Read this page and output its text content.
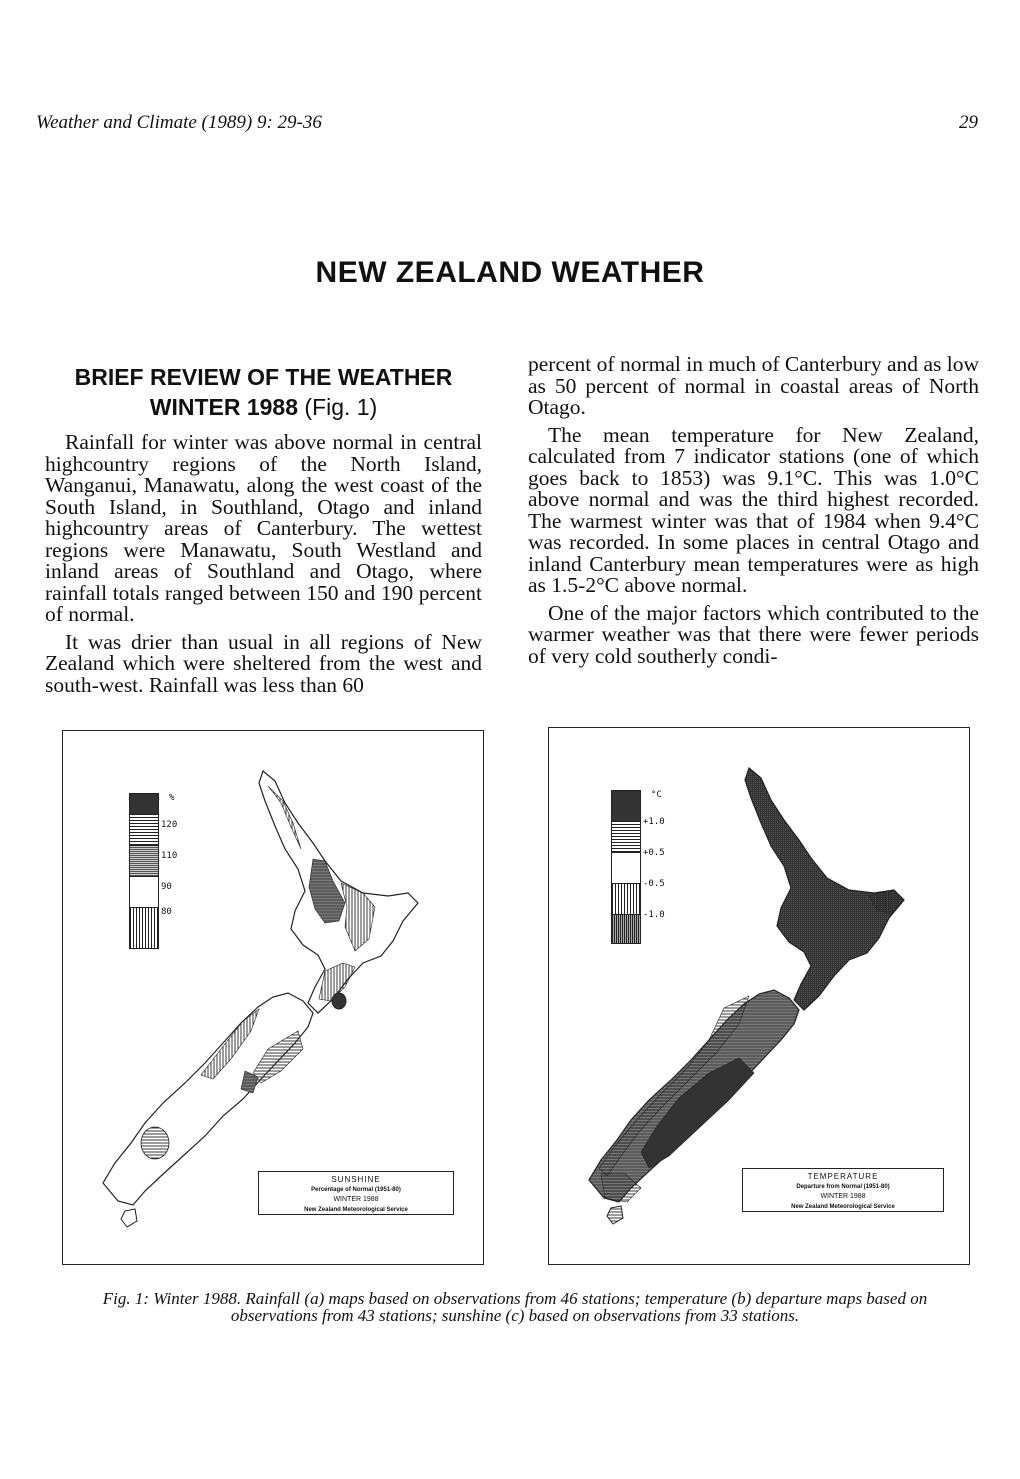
Weather and Climate (1989) 9: 29-36	29
NEW ZEALAND WEATHER
BRIEF REVIEW OF THE WEATHER
WINTER 1988 (Fig. 1)

Rainfall for winter was above normal in central highcountry regions of the North Island, Wanganui, Manawatu, along the west coast of the South Island, in Southland, Otago and inland highcountry areas of Canterbury. The wettest regions were Manawatu, South Westland and inland areas of Southland and Otago, where rainfall totals ranged between 150 and 190 percent of normal.

It was drier than usual in all regions of New Zealand which were sheltered from the west and south-west. Rainfall was less than 60

percent of normal in much of Canterbury and as low as 50 percent of normal in coastal areas of North Otago.

The mean temperature for New Zealand, calculated from 7 indicator stations (one of which goes back to 1853) was 9.1°C. This was 1.0°C above normal and was the third highest recorded. The warmest winter was that of 1984 when 9.4°C was recorded. In some places in central Otago and inland Canterbury mean temperatures were as high as 1.5-2°C above normal.

One of the major factors which contributed to the warmer weather was that there were fewer periods of very cold southerly condi-

%
120
110
90
80
SUNSHINE
Percentage of Normal (1951-80)
WINTER 1988
New Zealand Meteorological Service
°C
+1.0
+0.5
-0.5
-1.0
TEMPERATURE
Departure from Normal (1951-80)
WINTER 1988
New Zealand Meteorological Service
Fig. 1: Winter 1988. Rainfall (a) maps based on observations from 46 stations; temperature (b) departure maps based on
observations from 43 stations; sunshine (c) based on observations from 33 stations.
